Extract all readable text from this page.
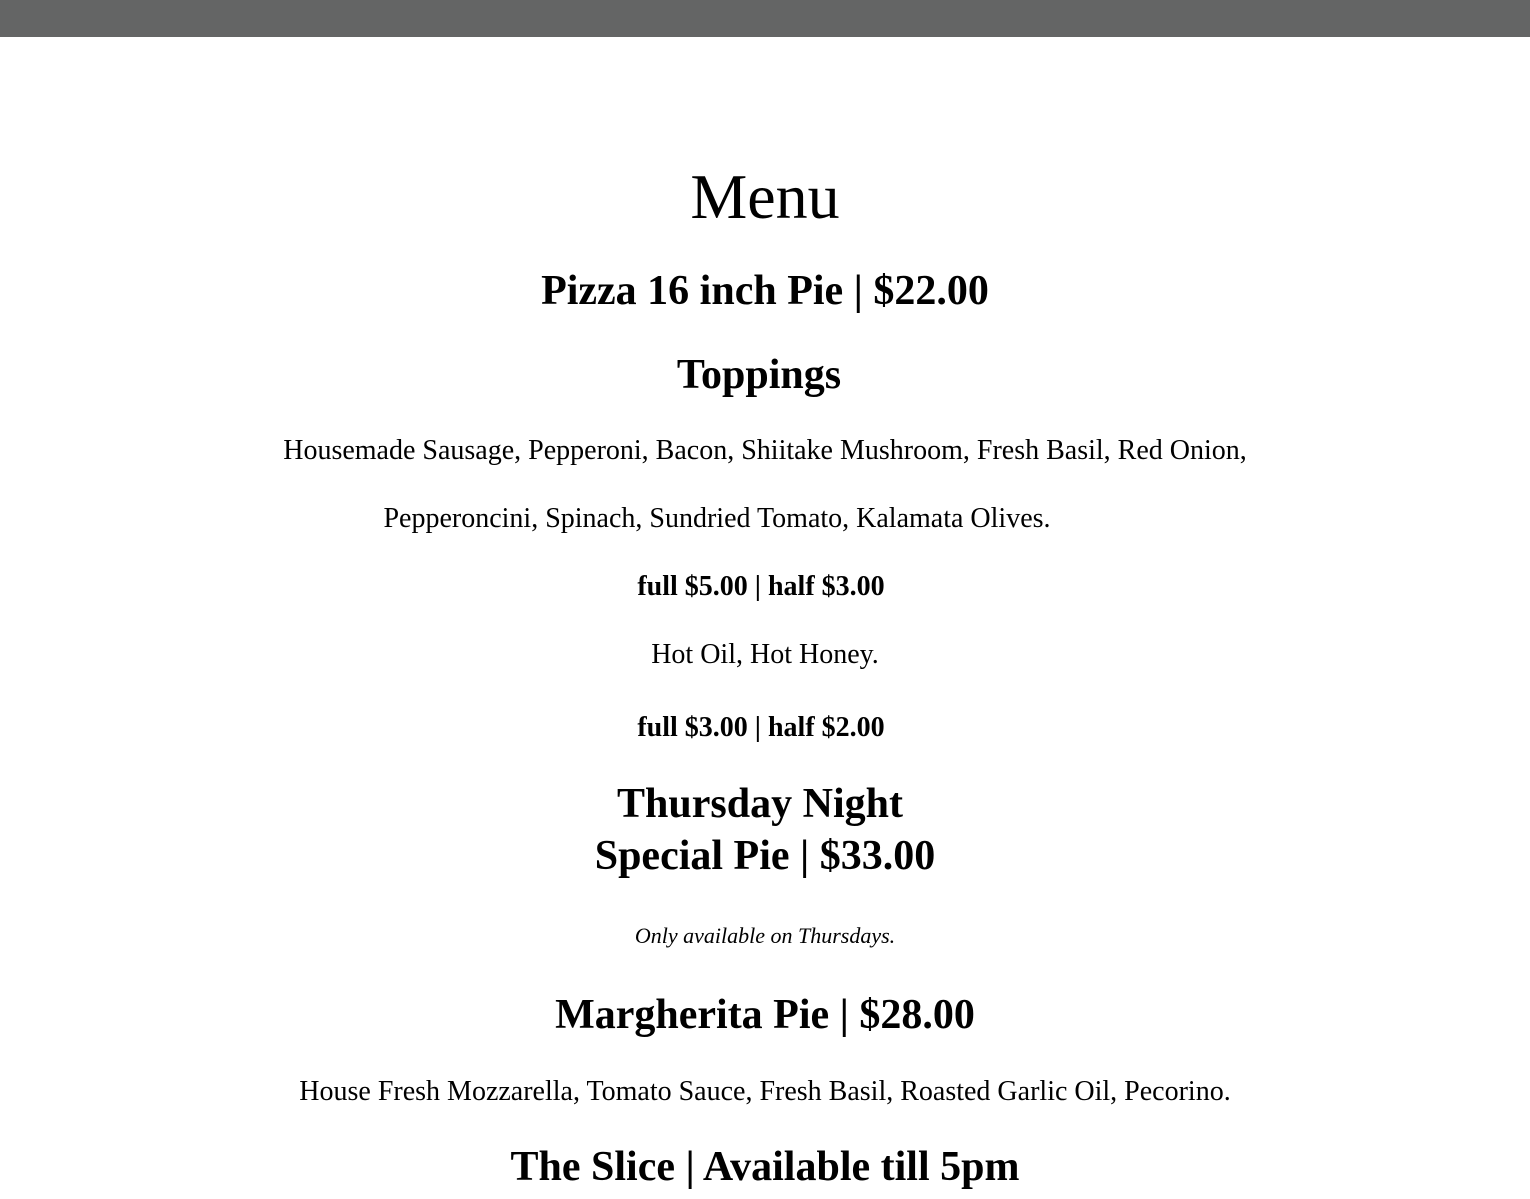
Menu
Pizza 16 inch Pie | $22.00
Toppings

Housemade Sausage, Pepperoni, Bacon, Shiitake Mushroom, Fresh Basil, Red Onion,

Pepperoncini, Spinach, Sundried Tomato, Kalamata Olives.

full $5.00 | half $3.00

Hot Oil, Hot Honey.

full $3.00 | half $2.00

Thursday Night
Special Pie | $33.00

Only available on Thursdays.

Margherita Pie | $28.00

House Fresh Mozzarella, Tomato Sauce, Fresh Basil, Roasted Garlic Oil, Pecorino.

The Slice | Available till 5pm
